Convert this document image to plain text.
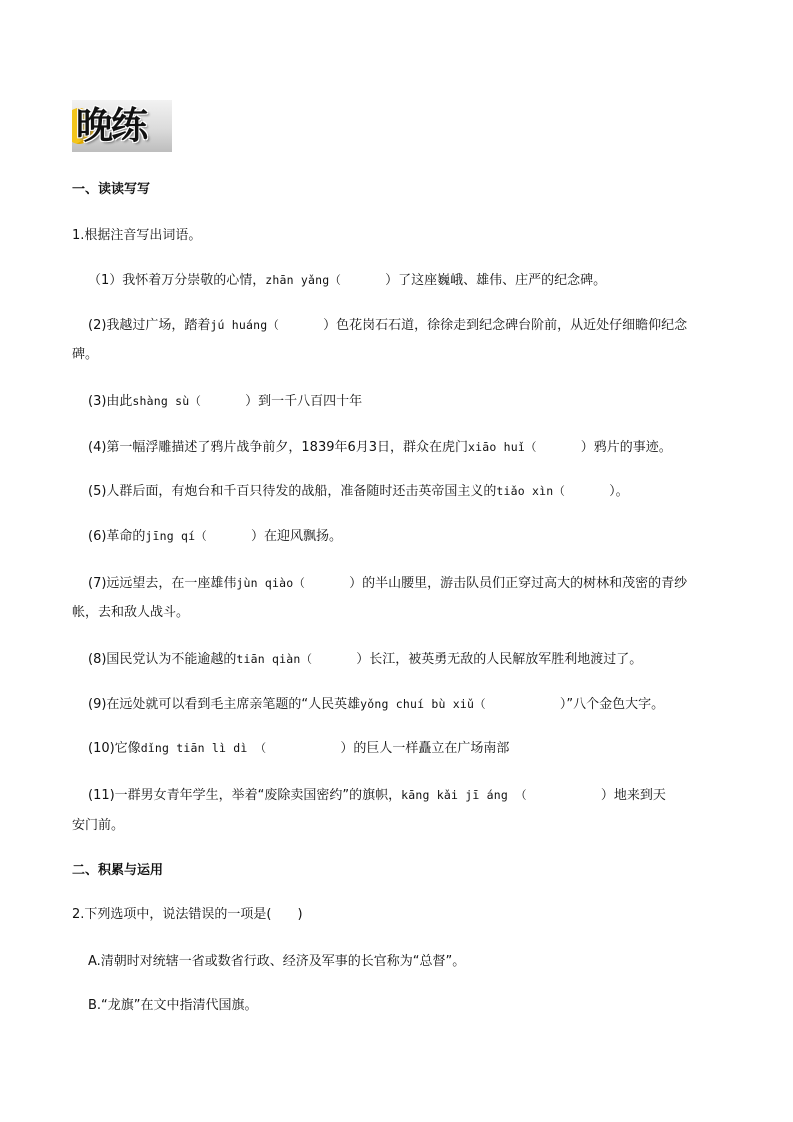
晚练
一、读读写写
1.根据注音写出词语。
（1）我怀着万分崇敬的心情，zhān yǎng（	）了这座巍峨、雄伟、庄严的纪念碑。
(2)我越过广场，踏着jú huáng（	）色花岗石石道，徐徐走到纪念碑台阶前，从近处仔细瞻仰纪念
碑。
(3)由此shàng sù（	）到一千八百四十年
(4)第一幅浮雕描述了鸦片战争前夕，1839年6月3日，群众在虎门xiāo huǐ（	）鸦片的事迹。
(5)人群后面，有炮台和千百只待发的战船，准备随时还击英帝国主义的tiǎo xìn（	）。
(6)革命的jīng qí（	）在迎风飘扬。
(7)远远望去，在一座雄伟jùn qiào（	）的半山腰里，游击队员们正穿过高大的树林和茂密的青纱
帐，去和敌人战斗。
(8)国民党认为不能逾越的tiān qiàn（	）长江，被英勇无敌的人民解放军胜利地渡过了。
(9)在远处就可以看到毛主席亲笔题的“人民英雄yǒng chuí bù xiǔ（	）”八个金色大字。
(10)它像dǐng tiān lì dì （	）的巨人一样矗立在广场南部
(11)一群男女青年学生，举着“废除卖国密约”的旗帜，kāng kǎi jī áng （	）地来到天
安门前。
二、积累与运用
2.下列选项中，说法错误的一项是(　　)
A.清朝时对统辖一省或数省行政、经济及军事的长官称为“总督”。
B.“龙旗”在文中指清代国旗。
